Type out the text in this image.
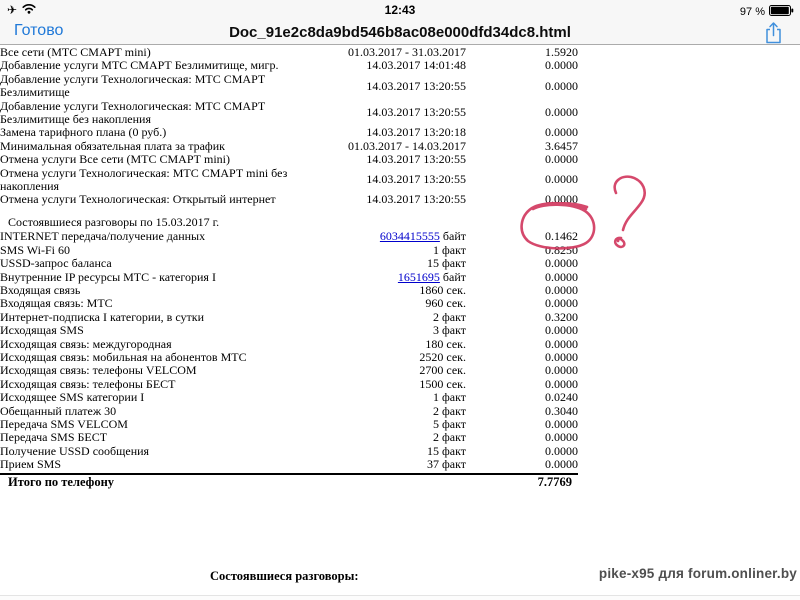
✈	12:43	97 %
Готово	Doc_91e2c8da9bd546b8ac08e000dfd34dc8.html
Все сети (МТС СМАРТ mini)	01.03.2017 - 31.03.2017	1.5920
Добавление услуги МТС СМАРТ Безлимитище, мигр.	14.03.2017 14:01:48	0.0000
Добавление услуги Технологическая: МТС СМАРТ Безлимитище	14.03.2017 13:20:55	0.0000
Добавление услуги Технологическая: МТС СМАРТ Безлимитище без накопления	14.03.2017 13:20:55	0.0000
Замена тарифного плана (0 руб.)	14.03.2017 13:20:18	0.0000
Минимальная обязательная плата за трафик	01.03.2017 - 14.03.2017	3.6457
Отмена услуги Все сети (МТС СМАРТ mini)	14.03.2017 13:20:55	0.0000
Отмена услуги Технологическая: МТС СМАРТ mini без накопления	14.03.2017 13:20:55	0.0000
Отмена услуги Технологическая: Открытый интернет	14.03.2017 13:20:55	0.0000
Состоявшиеся разговоры по 15.03.2017 г.
INTERNET передача/получение данных	6034415555 байт	0.1462
SMS Wi-Fi 60	1 факт	0.8250
USSD-запрос баланса	15 факт	0.0000
Внутренние IP ресурсы МТС - категория I	1651695 байт	0.0000
Входящая связь	1860 сек.	0.0000
Входящая связь: МТС	960 сек.	0.0000
Интернет-подписка I категории, в сутки	2 факт	0.3200
Исходящая SMS	3 факт	0.0000
Исходящая связь: междугородная	180 сек.	0.0000
Исходящая связь: мобильная на абонентов МТС	2520 сек.	0.0000
Исходящая связь: телефоны VELCOM	2700 сек.	0.0000
Исходящая связь: телефоны БЕСТ	1500 сек.	0.0000
Исходящее SMS категории I	1 факт	0.0240
Обещанный платеж 30	2 факт	0.3040
Передача SMS VELCOM	5 факт	0.0000
Передача SMS БЕСТ	2 факт	0.0000
Получение USSD сообщения	15 факт	0.0000
Прием SMS	37 факт	0.0000
Итого по телефону	7.7769
Состоявшиеся разговоры:	pike-x95 для forum.onliner.by
